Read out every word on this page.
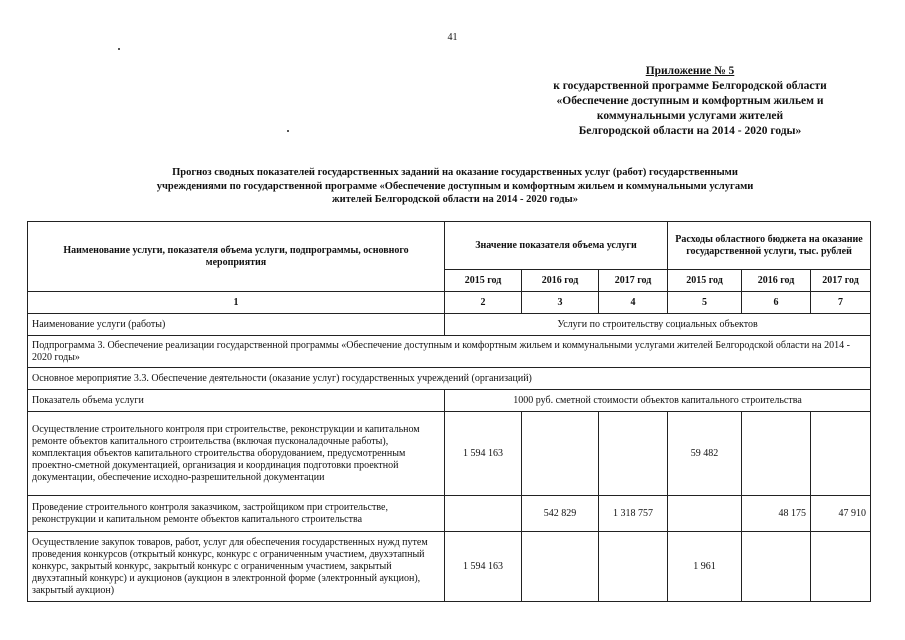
41
Приложение № 5
к государственной программе Белгородской области
«Обеспечение доступным и комфортным жильем и
коммунальными услугами жителей
Белгородской области на 2014 - 2020 годы»
Прогноз сводных показателей государственных заданий на оказание государственных услуг (работ) государственными
учреждениями по государственной программе «Обеспечение доступным и комфортным жильем и коммунальными услугами
жителей Белгородской области на 2014 - 2020 годы»
Наименование услуги, показателя объема услуги, подпрограммы, основного мероприятия	Значение показателя объема услуги			Расходы областного бюджета на оказание государственной услуги, тыс. рублей		
	2015 год	2016 год	2017 год	2015 год	2016 год	2017 год
1	2	3	4	5	6	7
Наименование услуги (работы)	Услуги по строительству социальных объектов					
Подпрограмма 3. Обеспечение реализации государственной программы «Обеспечение доступным и комфортным жильем и коммунальными услугами жителей Белгородской области на 2014 - 2020 годы»						
Основное мероприятие 3.3. Обеспечение деятельности (оказание услуг) государственных учреждений (организаций)						
Показатель объема услуги	1000 руб. сметной стоимости объектов капитального строительства					
Осуществление строительного контроля при строительстве, реконструкции и капитальном ремонте объектов капитального строительства (включая пусконаладочные работы), комплектация объектов капитального строительства оборудованием, предусмотренным проектно-сметной документацией, организация и координация подготовки проектной документации, обеспечение исходно-разрешительной документации	1 594 163			59 482		
Проведение строительного контроля заказчиком, застройщиком при строительстве, реконструкции и капитальном ремонте объектов капитального строительства		542 829	1 318 757		48 175	47 910
Осуществление закупок товаров, работ, услуг для обеспечения государственных нужд путем проведения конкурсов (открытый конкурс, конкурс с ограниченным участием, двухэтапный конкурс, закрытый конкурс, закрытый конкурс с ограниченным участием, закрытый двухэтапный конкурс) и аукционов (аукцион в электронной форме (электронный аукцион), закрытый аукцион)	1 594 163			1 961		
